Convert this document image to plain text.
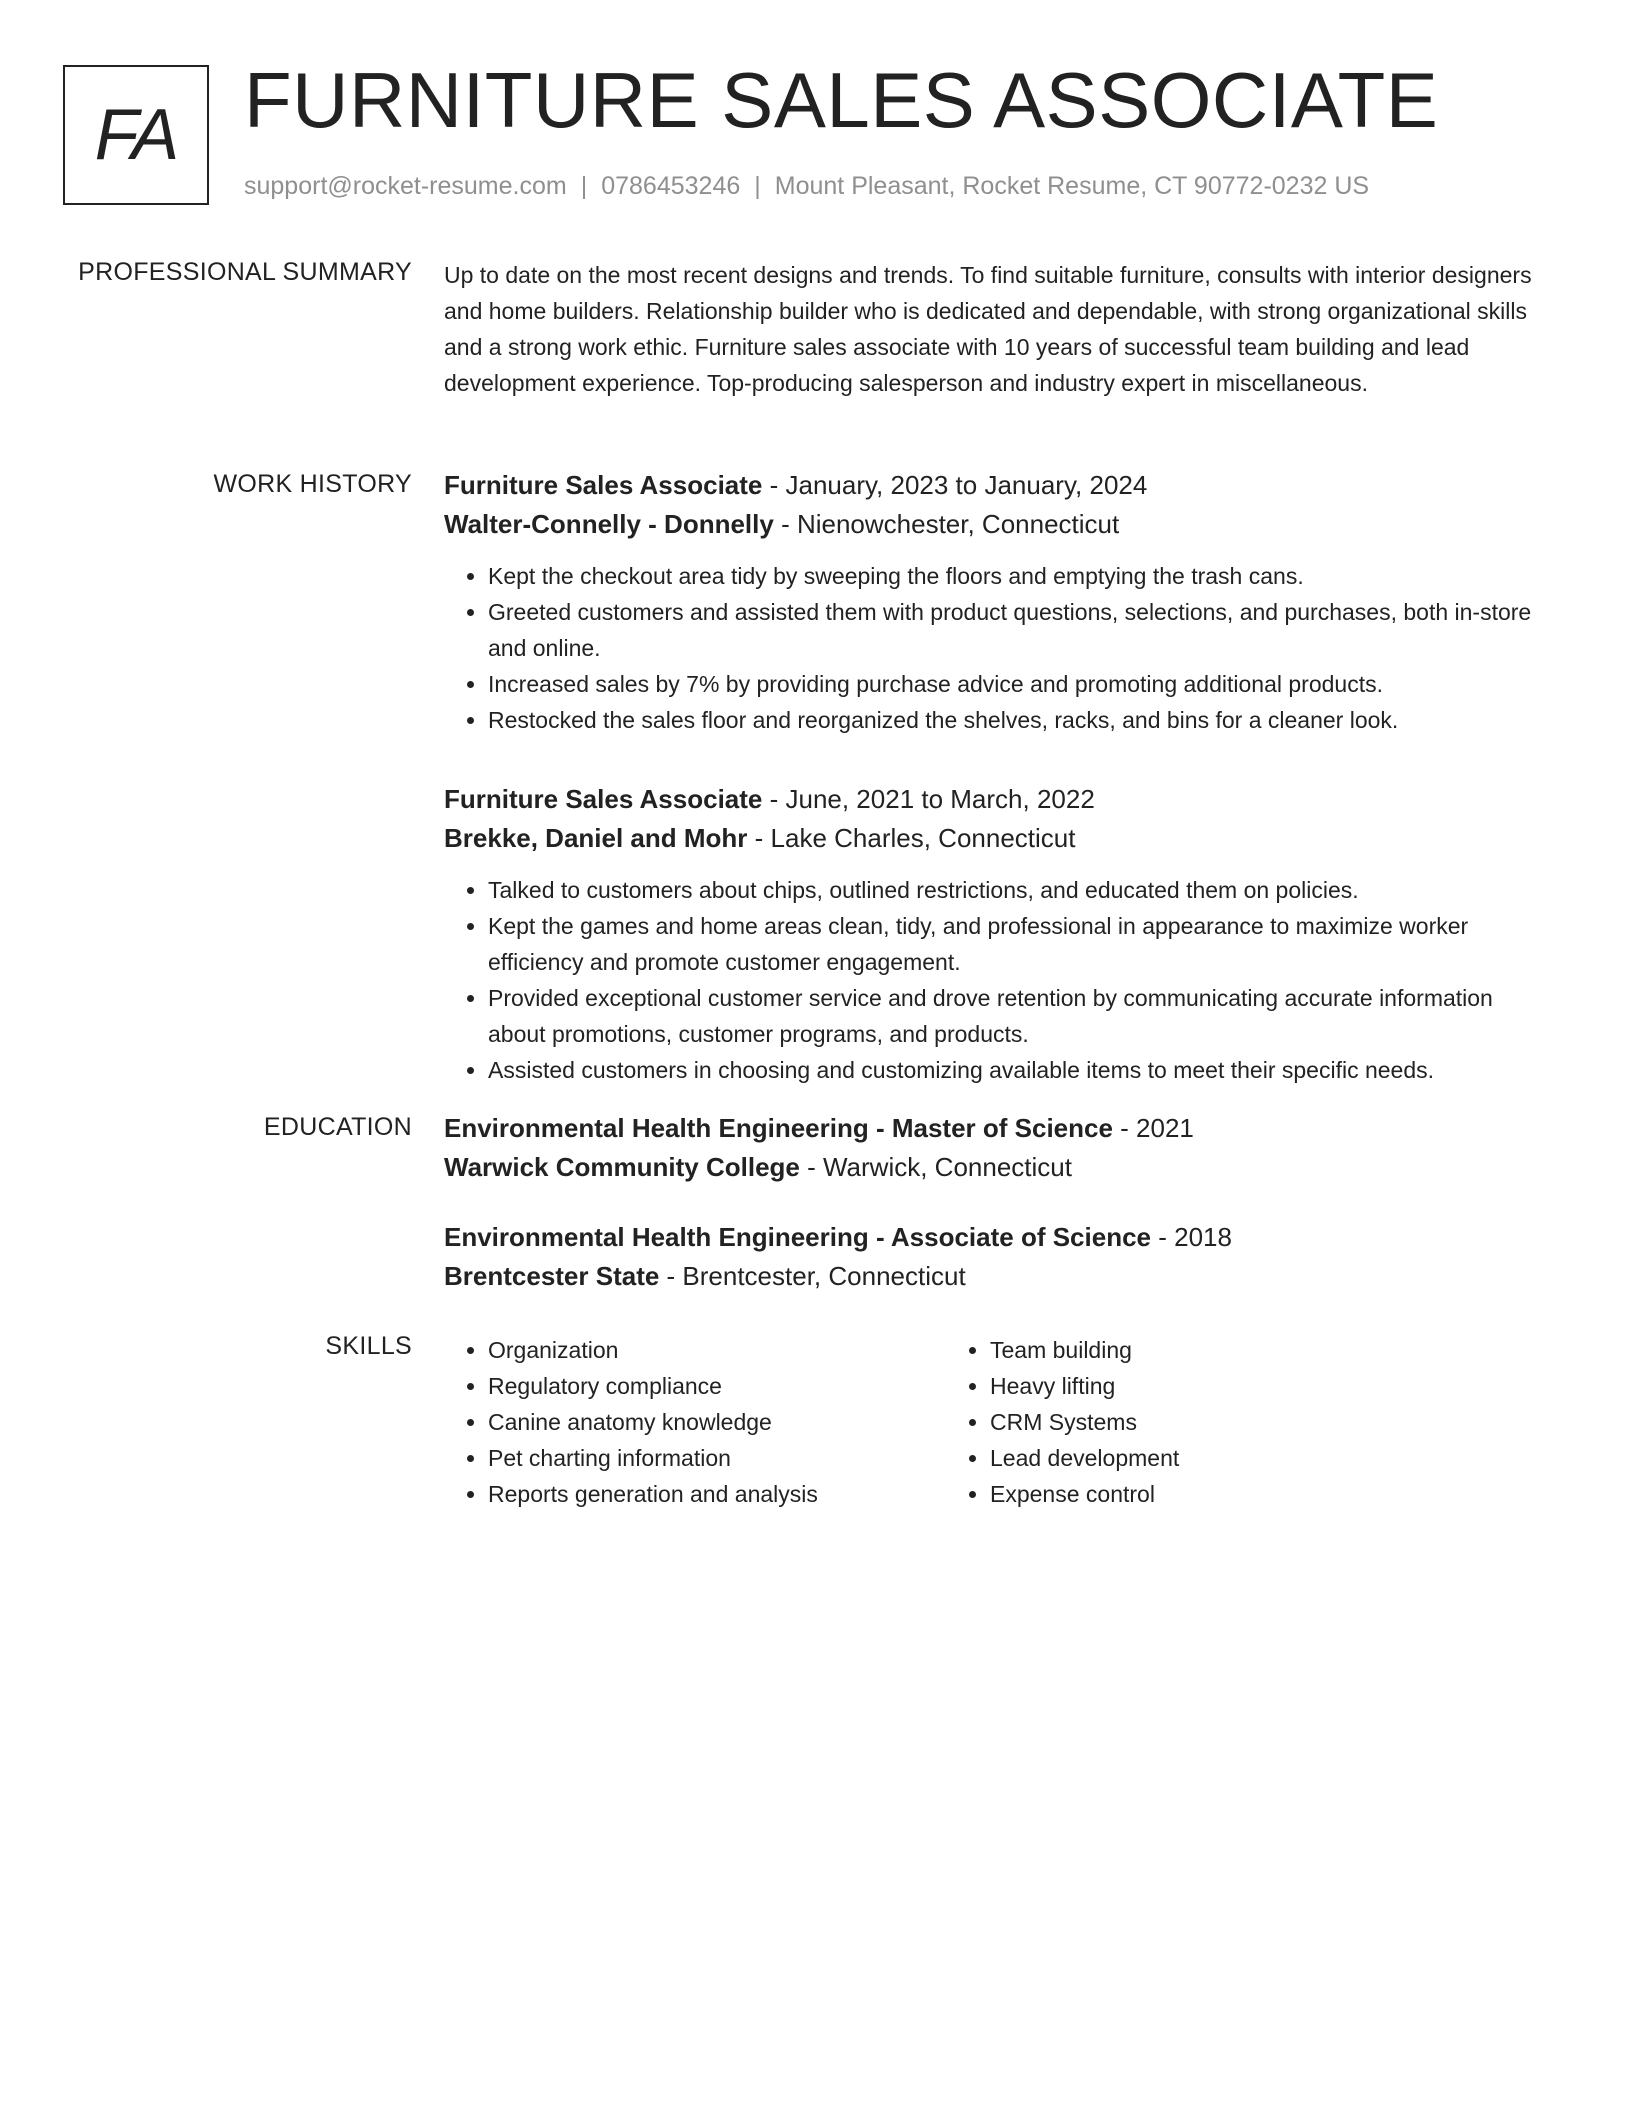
FA FURNITURE SALES ASSOCIATE
support@rocket-resume.com | 0786453246 | Mount Pleasant, Rocket Resume, CT 90772-0232 US
PROFESSIONAL SUMMARY Up to date on the most recent designs and trends. To find suitable furniture, consults with interior designers and home builders. Relationship builder who is dedicated and dependable, with strong organizational skills and a strong work ethic. Furniture sales associate with 10 years of successful team building and lead development experience. Top-producing salesperson and industry expert in miscellaneous.

WORK HISTORY Furniture Sales Associate - January, 2023 to January, 2024
Walter-Connelly - Donnelly - Nienowchester, Connecticut
• Kept the checkout area tidy by sweeping the floors and emptying the trash cans.
• Greeted customers and assisted them with product questions, selections, and purchases, both in-store and online.
• Increased sales by 7% by providing purchase advice and promoting additional products.
• Restocked the sales floor and reorganized the shelves, racks, and bins for a cleaner look.
Furniture Sales Associate - June, 2021 to March, 2022
Brekke, Daniel and Mohr - Lake Charles, Connecticut
• Talked to customers about chips, outlined restrictions, and educated them on policies.
• Kept the games and home areas clean, tidy, and professional in appearance to maximize worker efficiency and promote customer engagement.
• Provided exceptional customer service and drove retention by communicating accurate information about promotions, customer programs, and products.
• Assisted customers in choosing and customizing available items to meet their specific needs.
EDUCATION Environmental Health Engineering - Master of Science - 2021
Warwick Community College - Warwick, Connecticut
Environmental Health Engineering - Associate of Science - 2018
Brentcester State - Brentcester, Connecticut
SKILLS
•	Organization
• Regulatory compliance
• Canine anatomy knowledge
• Pet charting information
• Reports generation and analysis
• Team building
• Heavy lifting
• CRM Systems
• Lead development
• Expense control
